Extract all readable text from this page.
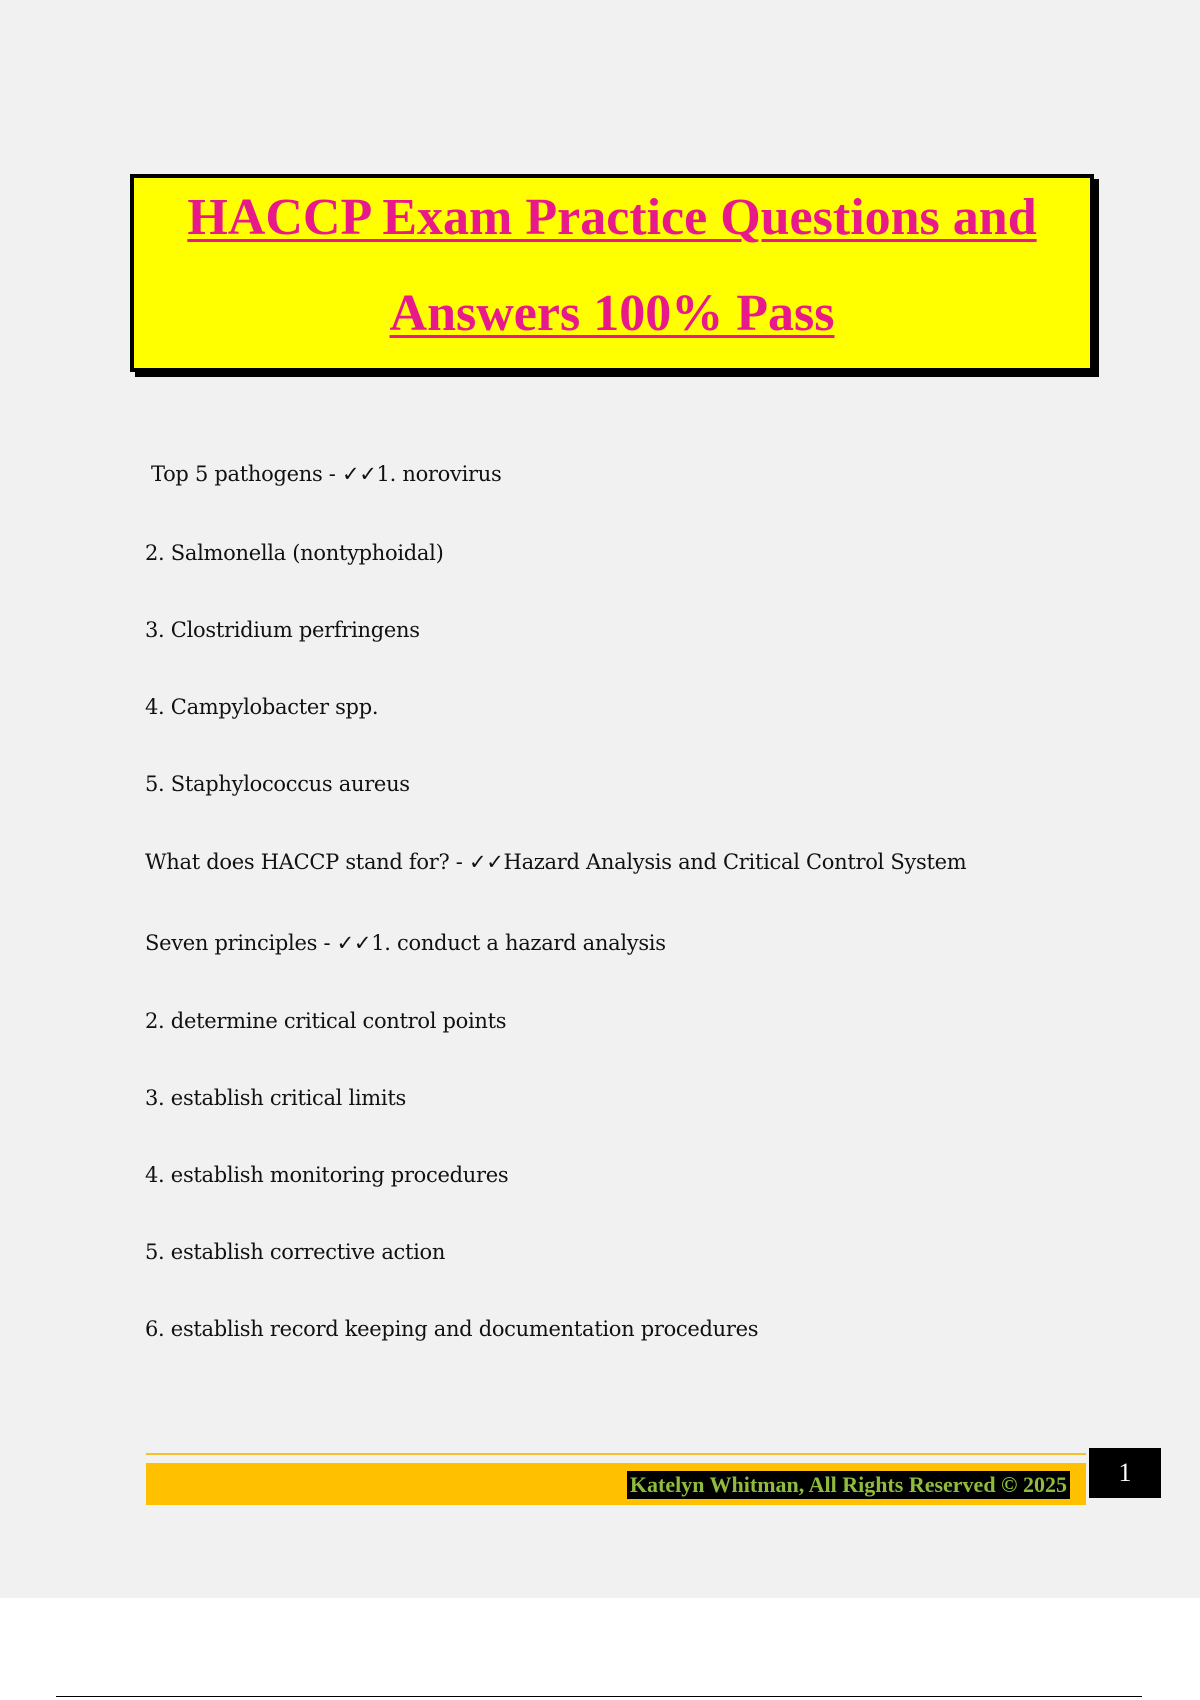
HACCP Exam Practice Questions and
Answers 100% Pass
Top 5 pathogens - ✓✓1. norovirus
2. Salmonella (nontyphoidal)
3. Clostridium perfringens
4. Campylobacter spp.
5. Staphylococcus aureus
What does HACCP stand for? - ✓✓Hazard Analysis and Critical Control System
Seven principles - ✓✓1. conduct a hazard analysis
2. determine critical control points
3. establish critical limits
4. establish monitoring procedures
5. establish corrective action
6. establish record keeping and documentation procedures
Katelyn Whitman, All Rights Reserved © 2025	1
